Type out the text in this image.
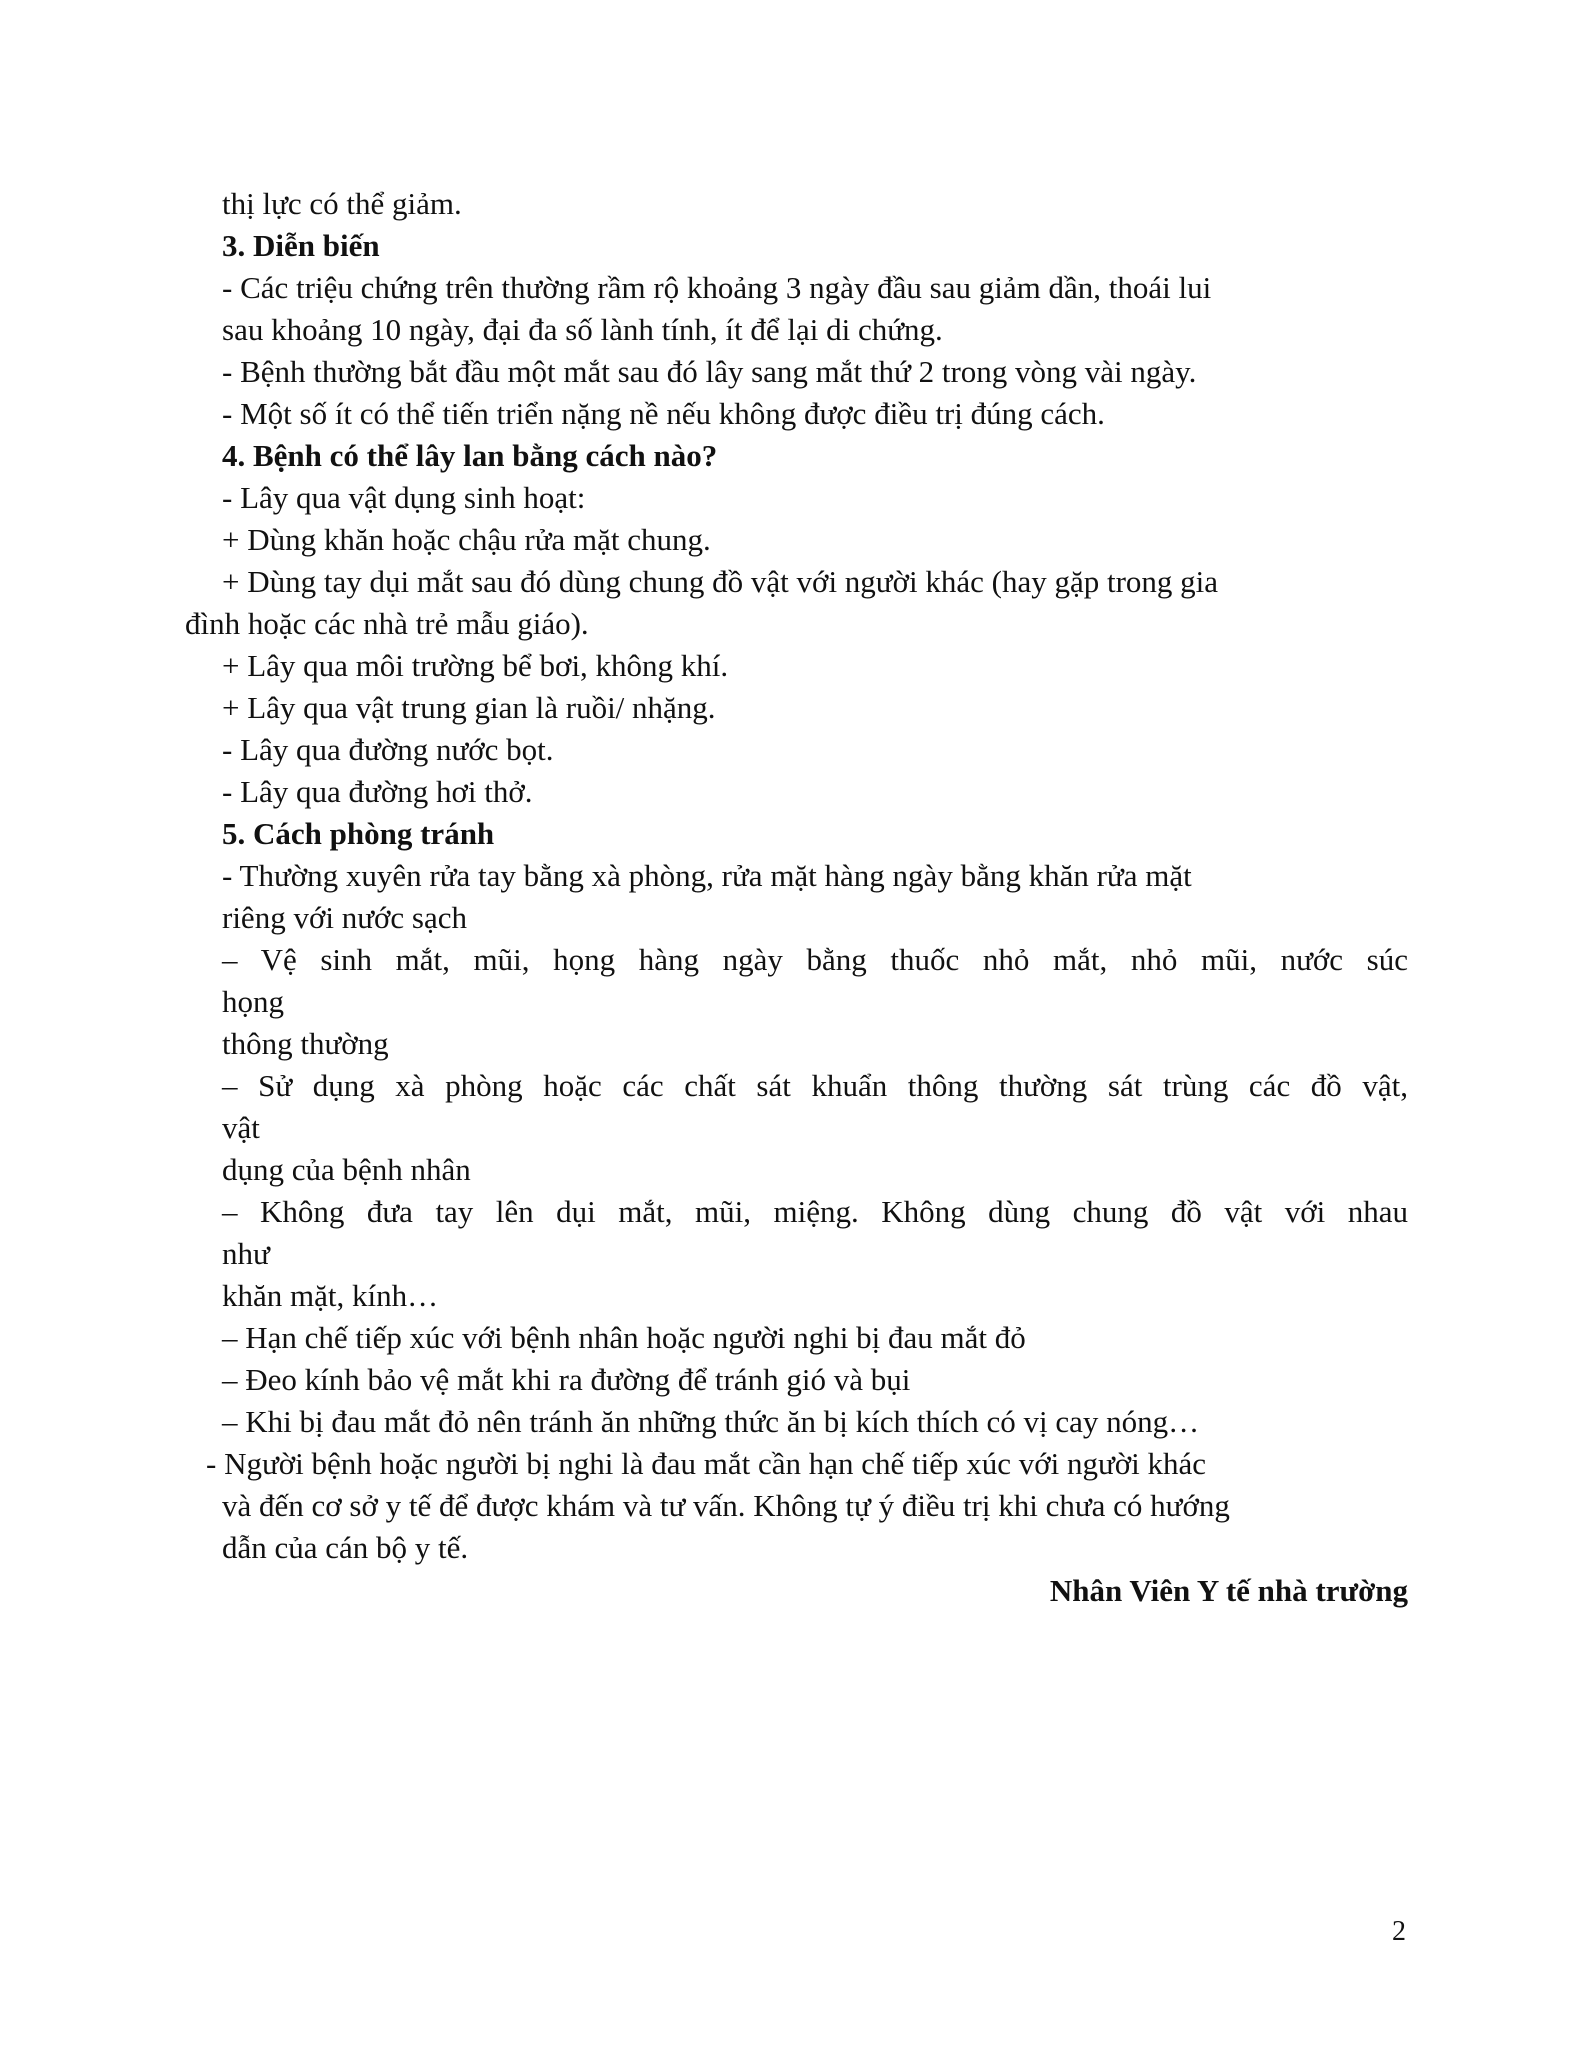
thị lực có thể giảm.
3. Diễn biến
- Các triệu chứng trên thường rầm rộ khoảng 3 ngày đầu sau giảm dần, thoái lui
sau khoảng 10 ngày, đại đa số lành tính, ít để lại di chứng.
- Bệnh thường bắt đầu một mắt sau đó lây sang mắt thứ 2 trong vòng vài ngày.
- Một số ít có thể tiến triển nặng nề nếu không được điều trị đúng cách.
4. Bệnh có thể lây lan bằng cách nào?
- Lây qua vật dụng sinh hoạt:
+ Dùng khăn hoặc chậu rửa mặt chung.
+ Dùng tay dụi mắt sau đó dùng chung đồ vật với người khác (hay gặp trong gia
đình hoặc các nhà trẻ mẫu giáo).
+ Lây qua môi trường bể bơi, không khí.
+ Lây qua vật trung gian là ruồi/ nhặng.
- Lây qua đường nước bọt.
- Lây qua đường hơi thở.
5. Cách phòng tránh
- Thường xuyên rửa tay bằng xà phòng, rửa mặt hàng ngày bằng khăn rửa mặt
riêng với nước sạch
– Vệ sinh mắt, mũi, họng hàng ngày bằng thuốc nhỏ mắt, nhỏ mũi, nước súc
họng
thông thường
– Sử dụng xà phòng hoặc các chất sát khuẩn thông thường sát trùng các đồ vật,
vật
dụng của bệnh nhân
– Không đưa tay lên dụi mắt, mũi, miệng. Không dùng chung đồ vật với nhau
như
khăn mặt, kính…
– Hạn chế tiếp xúc với bệnh nhân hoặc người nghi bị đau mắt đỏ
– Đeo kính bảo vệ mắt khi ra đường để tránh gió và bụi
– Khi bị đau mắt đỏ nên tránh ăn những thức ăn bị kích thích có vị cay nóng…
- Người bệnh hoặc người bị nghi là đau mắt cần hạn chế tiếp xúc với người khác
và đến cơ sở y tế để được khám và tư vấn. Không tự ý điều trị khi chưa có hướng
dẫn của cán bộ y tế.
Nhân Viên Y tế nhà trường
2
